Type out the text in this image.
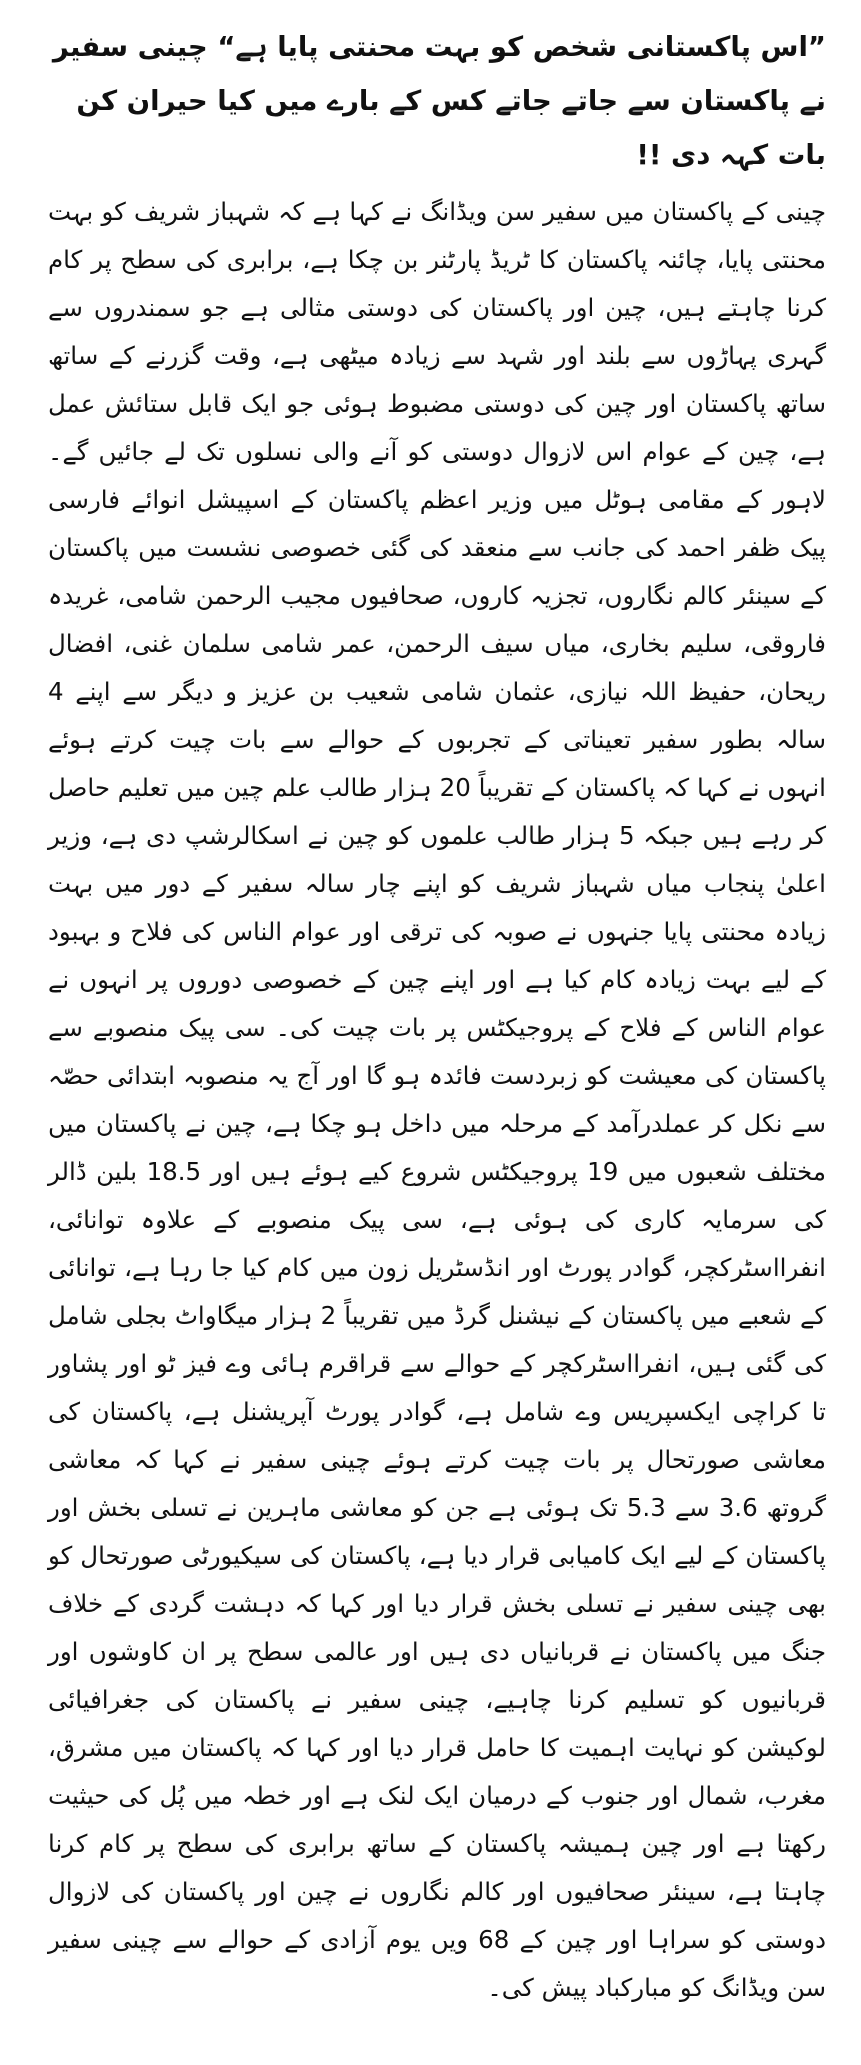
”اس پاکستانی شخص کو بہت محنتی پایا ہے“ چینی سفیر نے پاکستان سے جاتے جاتے کس کے بارے میں کیا حیران کن بات کہہ دی !!

چینی کے پاکستان میں سفیر سن ویڈانگ نے کہا ہے کہ شہباز شریف کو بہت محنتی پایا، چائنہ پاکستان کا ٹریڈ پارٹنر بن چکا ہے، برابری کی سطح پر کام کرنا چاہتے ہیں، چین اور پاکستان کی دوستی مثالی ہے جو سمندروں سے گہری پہاڑوں سے بلند اور شہد سے زیادہ میٹھی ہے، وقت گزرنے کے ساتھ ساتھ پاکستان اور چین کی دوستی مضبوط ہوئی جو ایک قابل ستائش عمل ہے، چین کے عوام اس لازوال دوستی کو آنے والی نسلوں تک لے جائیں گے۔ لاہور کے مقامی ہوٹل میں وزیر اعظم پاکستان کے اسپیشل انوائے فارسی پیک ظفر احمد کی جانب سے منعقد کی گئی خصوصی نشست میں پاکستان کے سینئر کالم نگاروں، تجزیہ کاروں، صحافیوں مجیب الرحمن شامی، غریدہ فاروقی، سلیم بخاری، میاں سیف الرحمن، عمر شامی سلمان غنی، افضال ریحان، حفیظ اللہ نیازی، عثمان شامی شعیب بن عزیز و دیگر سے اپنے 4 سالہ بطور سفیر تعیناتی کے تجربوں کے حوالے سے بات چیت کرتے ہوئے انہوں نے کہا کہ پاکستان کے تقریباً 20 ہزار طالب علم چین میں تعلیم حاصل کر رہے ہیں جبکہ 5 ہزار طالب علموں کو چین نے اسکالرشپ دی ہے، وزیر اعلیٰ پنجاب میاں شہباز شریف کو اپنے چار سالہ سفیر کے دور میں بہت زیادہ محنتی پایا جنہوں نے صوبہ کی ترقی اور عوام الناس کی فلاح و بہبود کے لیے بہت زیادہ کام کیا ہے اور اپنے چین کے خصوصی دوروں پر انہوں نے عوام الناس کے فلاح کے پروجیکٹس پر بات چیت کی۔ سی پیک منصوبے سے پاکستان کی معیشت کو زبردست فائدہ ہو گا اور آج یہ منصوبہ ابتدائی حصّہ سے نکل کر عملدرآمد کے مرحلہ میں داخل ہو چکا ہے، چین نے پاکستان میں مختلف شعبوں میں 19 پروجیکٹس شروع کیے ہوئے ہیں اور 18.5 بلین ڈالر کی سرمایہ کاری کی ہوئی ہے، سی پیک منصوبے کے علاوہ توانائی، انفرااسٹرکچر، گوادر پورٹ اور انڈسٹریل زون میں کام کیا جا رہا ہے، توانائی کے شعبے میں پاکستان کے نیشنل گرڈ میں تقریباً 2 ہزار میگاواٹ بجلی شامل کی گئی ہیں، انفرااسٹرکچر کے حوالے سے قراقرم ہائی وے فیز ٹو اور پشاور تا کراچی ایکسپریس وے شامل ہے، گوادر پورٹ آپریشنل ہے، پاکستان کی معاشی صورتحال پر بات چیت کرتے ہوئے چینی سفیر نے کہا کہ معاشی گروتھ 3.6 سے 5.3 تک ہوئی ہے جن کو معاشی ماہرین نے تسلی بخش اور پاکستان کے لیے ایک کامیابی قرار دیا ہے، پاکستان کی سیکیورٹی صورتحال کو بھی چینی سفیر نے تسلی بخش قرار دیا اور کہا کہ دہشت گردی کے خلاف جنگ میں پاکستان نے قربانیاں دی ہیں اور عالمی سطح پر ان کاوشوں اور قربانیوں کو تسلیم کرنا چاہیے، چینی سفیر نے پاکستان کی جغرافیائی لوکیشن کو نہایت اہمیت کا حامل قرار دیا اور کہا کہ پاکستان میں مشرق، مغرب، شمال اور جنوب کے درمیان ایک لنک ہے اور خطہ میں پُل کی حیثیت رکھتا ہے اور چین ہمیشہ پاکستان کے ساتھ برابری کی سطح پر کام کرنا چاہتا ہے، سینئر صحافیوں اور کالم نگاروں نے چین اور پاکستان کی لازوال دوستی کو سراہا اور چین کے 68 ویں یوم آزادی کے حوالے سے چینی سفیر سن ویڈانگ کو مبارکباد پیش کی۔
